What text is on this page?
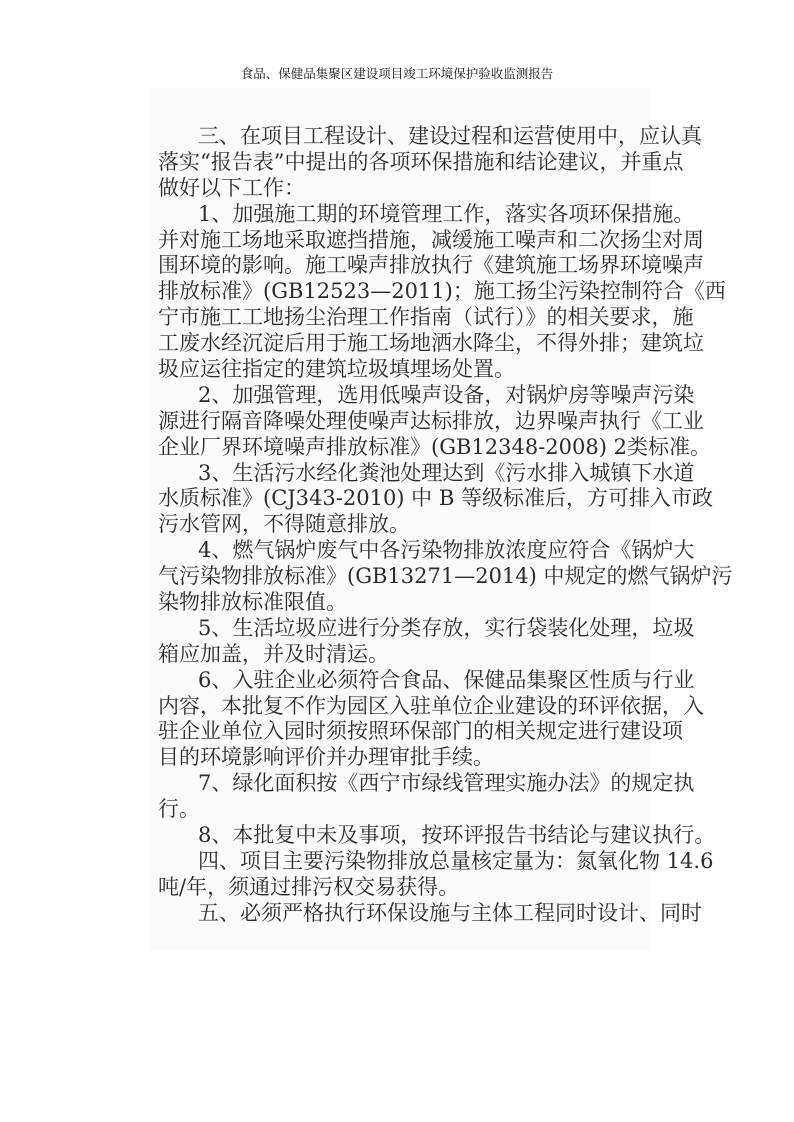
食品、保健品集聚区建设项目竣工环境保护验收监测报告
三、在项目工程设计、建设过程和运营使用中，应认真
落实“报告表”中提出的各项环保措施和结论建议，并重点
做好以下工作：
1、加强施工期的环境管理工作，落实各项环保措施。
并对施工场地采取遮挡措施，减缓施工噪声和二次扬尘对周
围环境的影响。施工噪声排放执行《建筑施工场界环境噪声
排放标准》(GB12523—2011)；施工扬尘污染控制符合《西
宁市施工工地扬尘治理工作指南（试行）》的相关要求，施
工废水经沉淀后用于施工场地洒水降尘，不得外排；建筑垃
圾应运往指定的建筑垃圾填埋场处置。
2、加强管理，选用低噪声设备，对锅炉房等噪声污染
源进行隔音降噪处理使噪声达标排放，边界噪声执行《工业
企业厂界环境噪声排放标准》(GB12348-2008) 2类标准。
3、生活污水经化粪池处理达到《污水排入城镇下水道
水质标准》(CJ343-2010) 中 B 等级标准后，方可排入市政
污水管网，不得随意排放。
4、燃气锅炉废气中各污染物排放浓度应符合《锅炉大
气污染物排放标准》(GB13271—2014) 中规定的燃气锅炉污
染物排放标准限值。
5、生活垃圾应进行分类存放，实行袋装化处理，垃圾
箱应加盖，并及时清运。
6、入驻企业必须符合食品、保健品集聚区性质与行业
内容，本批复不作为园区入驻单位企业建设的环评依据，入
驻企业单位入园时须按照环保部门的相关规定进行建设项
目的环境影响评价并办理审批手续。
7、绿化面积按《西宁市绿线管理实施办法》的规定执
行。
8、本批复中未及事项，按环评报告书结论与建议执行。
四、项目主要污染物排放总量核定量为：氮氧化物 14.6
吨/年，须通过排污权交易获得。
五、必须严格执行环保设施与主体工程同时设计、同时
